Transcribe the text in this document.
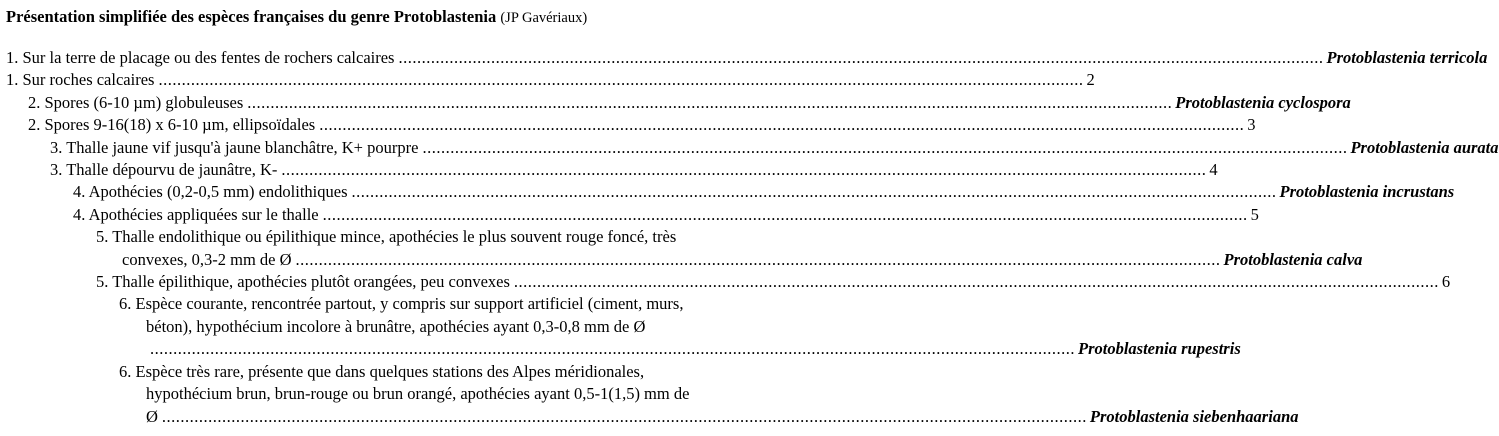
Présentation simplifiée des espèces françaises du genre Protoblastenia (JP Gavériaux)
1. Sur la terre de placage ou des fentes de rochers calcaires ........................................................................................................................................................................................................ Protoblastenia terricola
1. Sur roches calcaires ........................................................................................................................................................................................................ 2
2. Spores (6-10 µm) globuleuses ........................................................................................................................................................................................................ Protoblastenia cyclospora
2. Spores 9-16(18) x 6-10 µm, ellipsoïdales ........................................................................................................................................................................................................ 3
3. Thalle jaune vif jusqu'à jaune blanchâtre, K+ pourpre ........................................................................................................................................................................................................ Protoblastenia aurata
3. Thalle dépourvu de jaunâtre, K- ........................................................................................................................................................................................................ 4
4. Apothécies (0,2-0,5 mm) endolithiques ........................................................................................................................................................................................................ Protoblastenia incrustans
4. Apothécies appliquées sur le thalle ........................................................................................................................................................................................................ 5
5. Thalle endolithique ou épilithique mince, apothécies le plus souvent rouge foncé, très
convexes, 0,3-2 mm de Ø ........................................................................................................................................................................................................ Protoblastenia calva
5. Thalle épilithique, apothécies plutôt orangées, peu convexes ........................................................................................................................................................................................................ 6
6. Espèce courante, rencontrée partout, y compris sur support artificiel (ciment, murs,
béton), hypothécium incolore à brunâtre, apothécies ayant 0,3-0,8 mm de Ø
........................................................................................................................................................................................................ Protoblastenia rupestris
6. Espèce très rare, présente que dans quelques stations des Alpes méridionales,
hypothécium brun, brun-rouge ou brun orangé, apothécies ayant 0,5-1(1,5) mm de
Ø ........................................................................................................................................................................................................ Protoblastenia siebenhaariana
